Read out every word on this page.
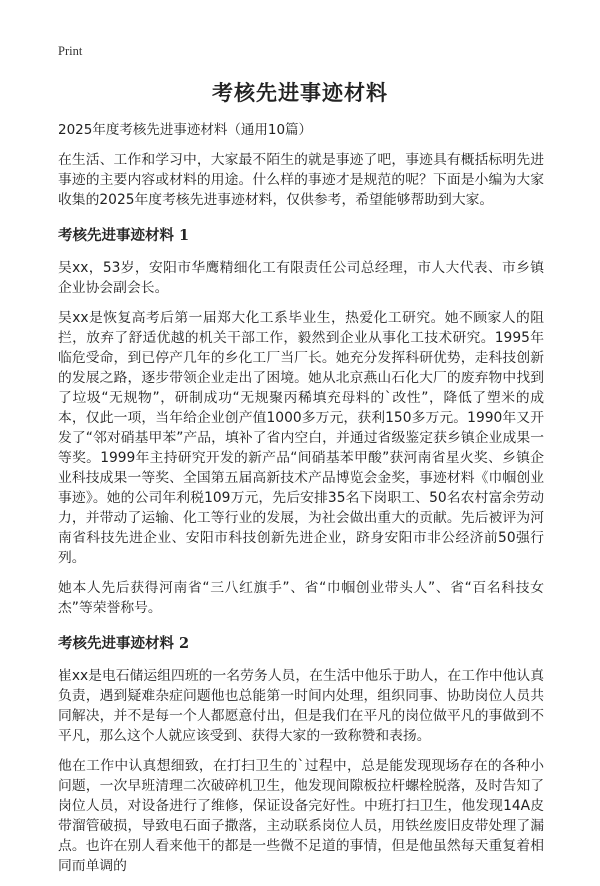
Print
考核先进事迹材料
2025年度考核先进事迹材料（通用10篇）

在生活、工作和学习中，大家最不陌生的就是事迹了吧，事迹具有概括标明先进事迹的主要内容或材料的用途。什么样的事迹才是规范的呢？下面是小编为大家收集的2025年度考核先进事迹材料，仅供参考，希望能够帮助到大家。

考核先进事迹材料 1

吴xx，53岁，安阳市华鹰精细化工有限责任公司总经理，市人大代表、市乡镇企业协会副会长。

吴xx是恢复高考后第一届郑大化工系毕业生，热爱化工研究。她不顾家人的阻拦，放弃了舒适优越的机关干部工作，毅然到企业从事化工技术研究。1995年临危受命，到已停产几年的乡化工厂当厂长。她充分发挥科研优势，走科技创新的发展之路，逐步带领企业走出了困境。她从北京燕山石化大厂的废弃物中找到了垃圾“无规物”，研制成功“无规聚丙稀填充母料的`改性”，降低了塑米的成本，仅此一项，当年给企业创产值1000多万元，获利150多万元。1990年又开发了“邻对硝基甲苯”产品，填补了省内空白，并通过省级鉴定获乡镇企业成果一等奖。1999年主持研究开发的新产品“间硝基苯甲酸”获河南省星火奖、乡镇企业科技成果一等奖、全国第五届高新技术产品博览会金奖，事迹材料《巾帼创业事迹》。她的公司年利税109万元，先后安排35名下岗职工、50名农村富余劳动力，并带动了运输、化工等行业的发展，为社会做出重大的贡献。先后被评为河南省科技先进企业、安阳市科技创新先进企业，跻身安阳市非公经济前50强行列。

她本人先后获得河南省“三八红旗手”、省“巾帼创业带头人”、省“百名科技女杰”等荣誉称号。

考核先进事迹材料 2

崔xx是电石储运组四班的一名劳务人员，在生活中他乐于助人，在工作中他认真负责，遇到疑难杂症问题他也总能第一时间内处理，组织同事、协助岗位人员共同解决，并不是每一个人都愿意付出，但是我们在平凡的岗位做平凡的事做到不平凡，那么这个人就应该受到、获得大家的一致称赞和表扬。

他在工作中认真想细致，在打扫卫生的`过程中，总是能发现现场存在的各种小问题，一次早班清理二次破碎机卫生，他发现间隙板拉杆螺栓脱落，及时告知了岗位人员，对设备进行了维修，保证设备完好性。中班打扫卫生，他发现14A皮带溜管破损，导致电石面子撒落，主动联系岗位人员，用铁丝废旧皮带处理了漏点。也许在别人看来他干的都是一些微不足道的事情，但是他虽然每天重复着相同而单调的
